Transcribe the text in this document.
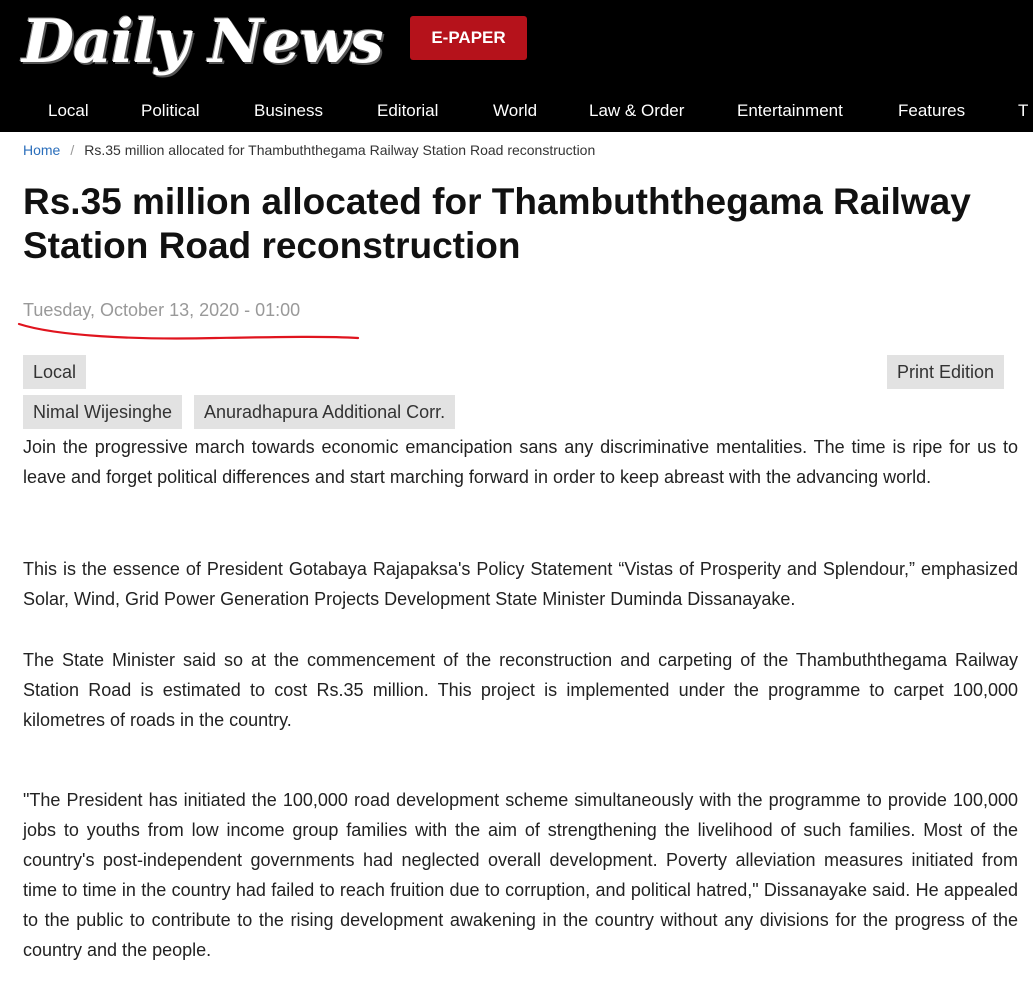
Daily News	E-PAPER
Local	Political	Business	Editorial	World	Law & Order	Entertainment	Features	T
Home / Rs.35 million allocated for Thambuththegama Railway Station Road reconstruction
Rs.35 million allocated for Thambuththegama Railway Station Road reconstruction
Tuesday, October 13, 2020 - 01:00
Local	Print Edition
Nimal Wijesinghe	Anuradhapura Additional Corr.

Join the progressive march towards economic emancipation sans any discriminative mentalities. The time is ripe for us to leave and forget political differences and start marching forward in order to keep abreast with the advancing world.

This is the essence of President Gotabaya Rajapaksa's Policy Statement “Vistas of Prosperity and Splendour,” emphasized Solar, Wind, Grid Power Generation Projects Development State Minister Duminda Dissanayake.

The State Minister said so at the commencement of the reconstruction and carpeting of the Thambuththegama Railway Station Road is estimated to cost Rs.35 million. This project is implemented under the programme to carpet 100,000 kilometres of roads in the country.

"The President has initiated the 100,000 road development scheme simultaneously with the programme to provide 100,000 jobs to youths from low income group families with the aim of strengthening the livelihood of such families. Most of the country's post-independent governments had neglected overall development. Poverty alleviation measures initiated from time to time in the country had failed to reach fruition due to corruption, and political hatred," Dissanayake said. He appealed to the public to contribute to the rising development awakening in the country without any divisions for the progress of the country and the people.
